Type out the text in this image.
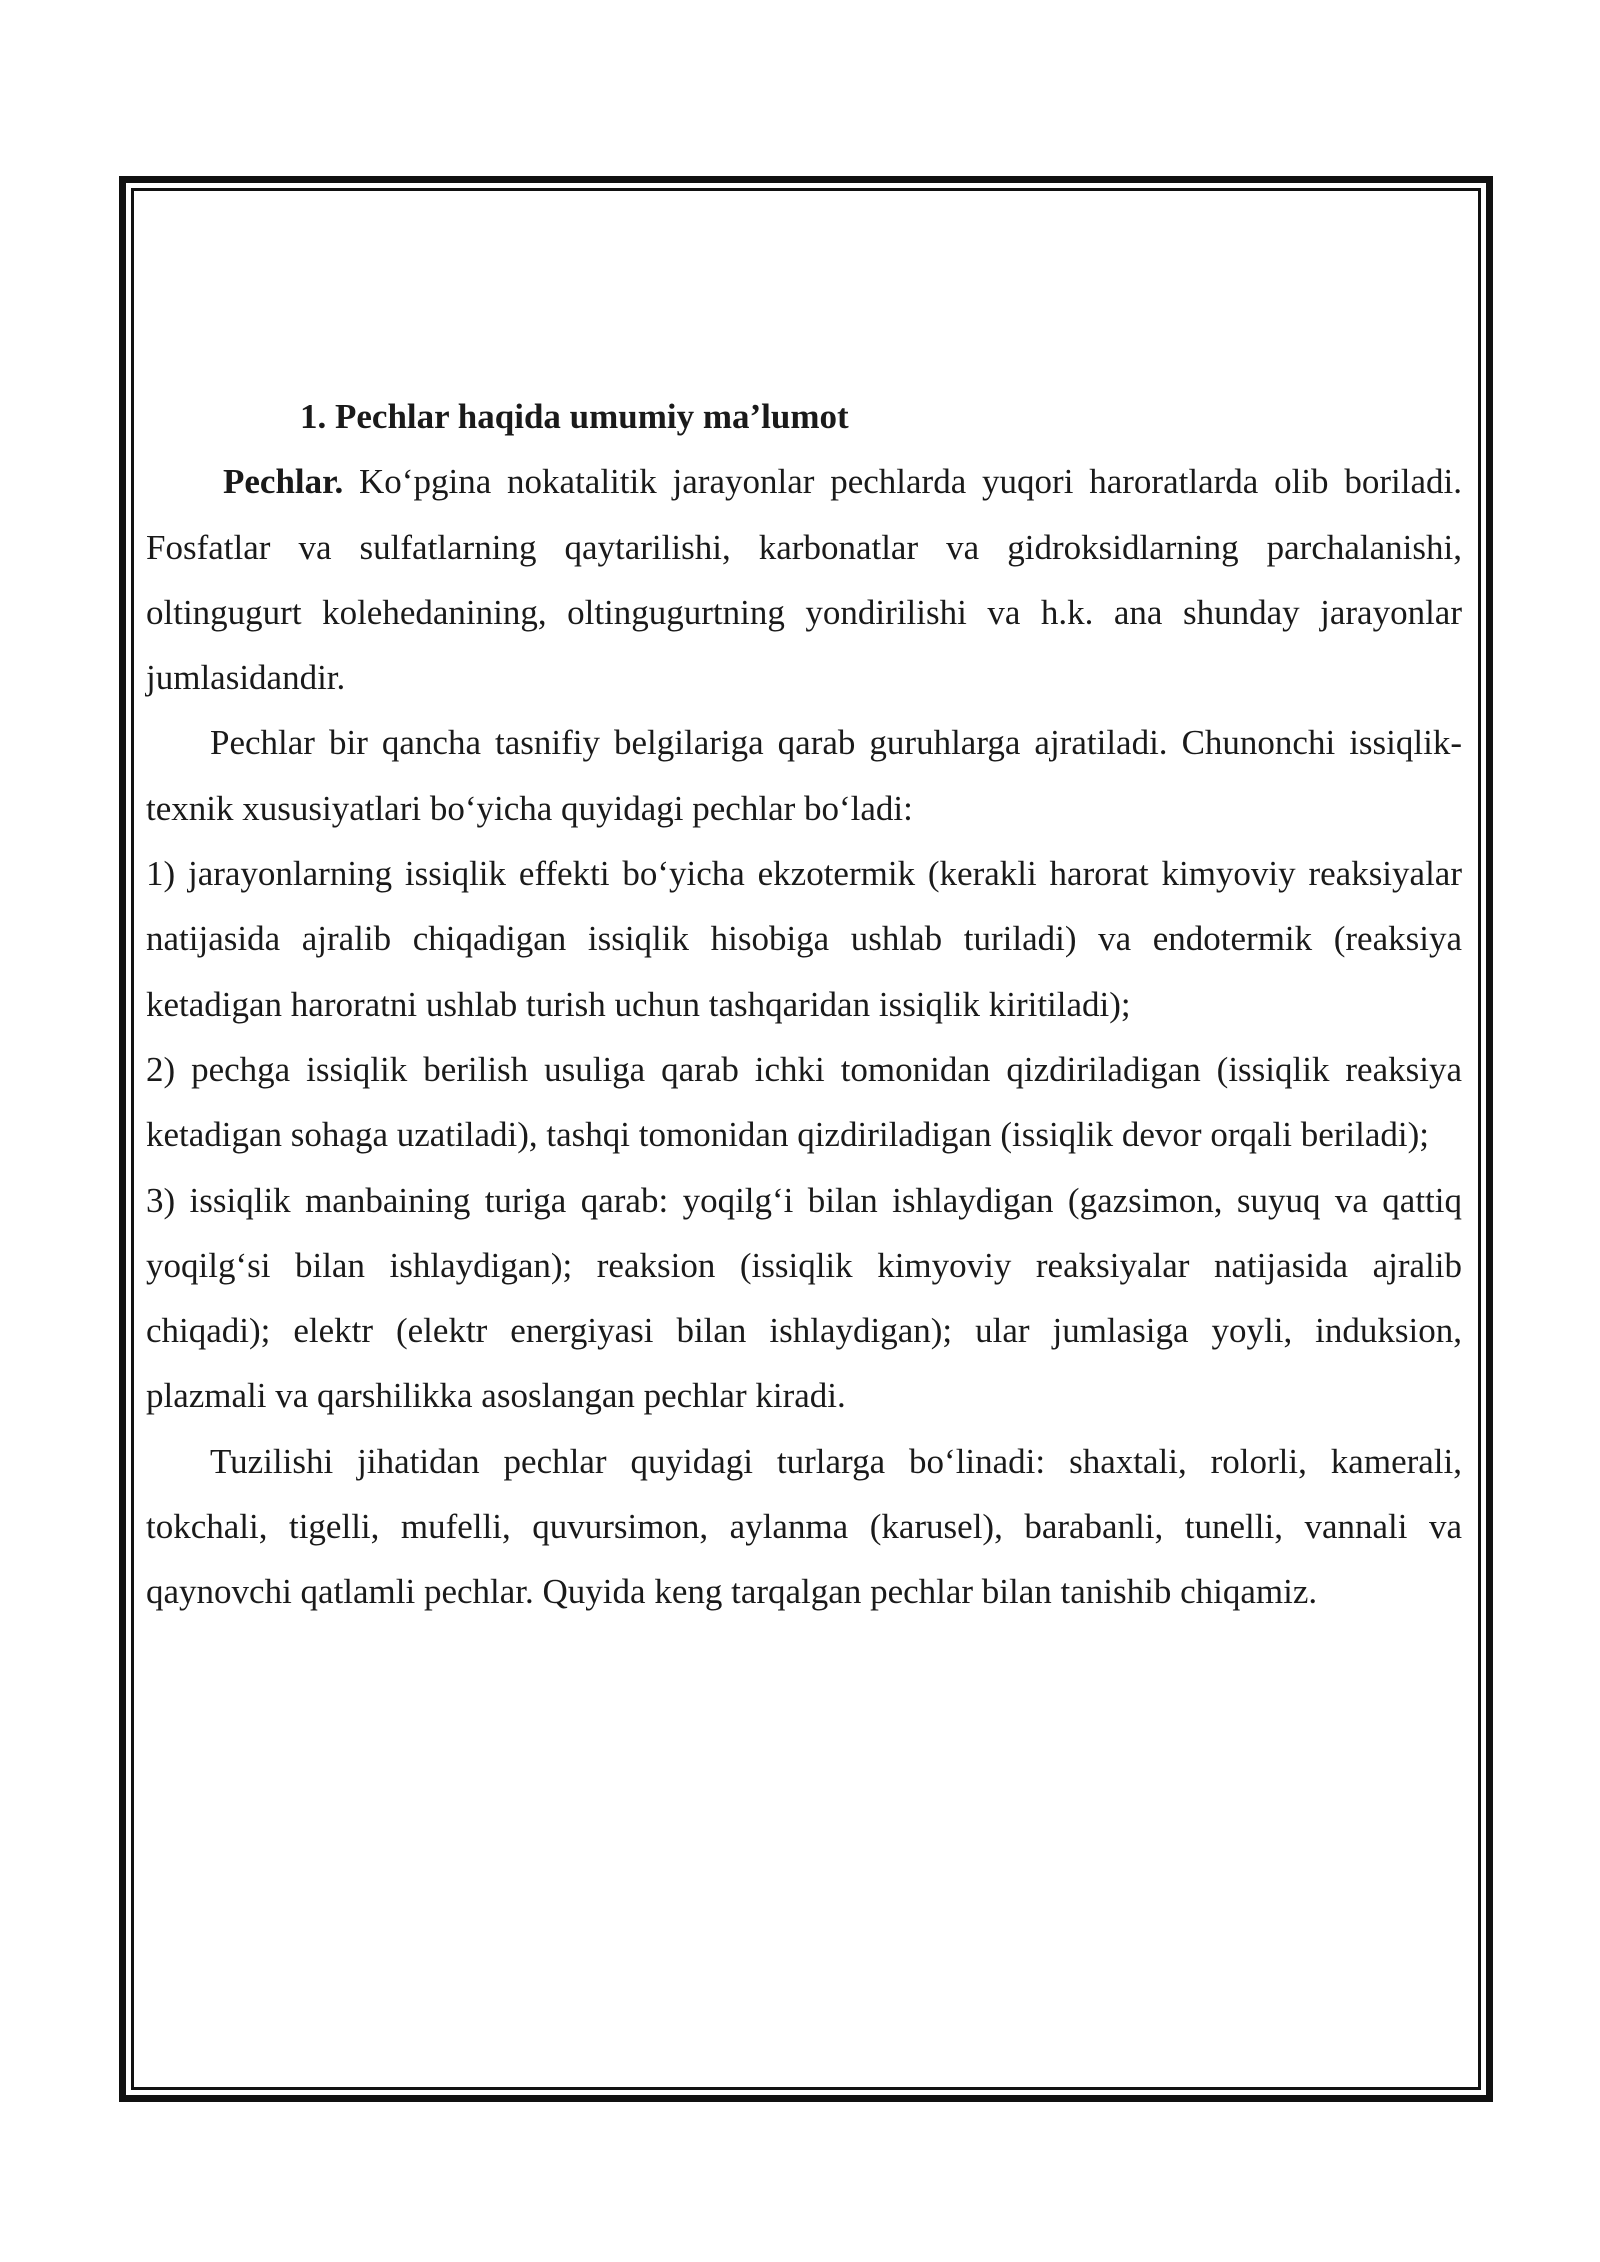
1. Pechlar haqida umumiy ma’lumot

Pechlar. Ko‘pgina nokatalitik jarayonlar pechlarda yuqori haroratlarda olib boriladi. Fosfatlar va sulfatlarning qaytarilishi, karbonatlar va gidroksidlarning parchalanishi, oltingugurt kolehedanining, oltingugurtning yondirilishi va h.k. ana shunday jarayonlar jumlasidandir.

Pechlar bir qancha tasnifiy belgilariga qarab guruhlarga ajratiladi. Chunonchi issiqlik-texnik xususiyatlari bo‘yicha quyidagi pechlar bo‘ladi:

1) jarayonlarning issiqlik effekti bo‘yicha ekzotermik (kerakli harorat kimyoviy reaksiyalar natijasida ajralib chiqadigan issiqlik hisobiga ushlab turiladi) va endotermik (reaksiya ketadigan haroratni ushlab turish uchun tashqaridan issiqlik kiritiladi);

2) pechga issiqlik berilish usuliga qarab ichki tomonidan qizdiriladigan (issiqlik reaksiya ketadigan sohaga uzatiladi), tashqi tomonidan qizdiriladigan (issiqlik devor orqali beriladi);

3) issiqlik manbaining turiga qarab: yoqilg‘i bilan ishlaydigan (gazsimon, suyuq va qattiq yoqilg‘si bilan ishlaydigan); reaksion (issiqlik kimyoviy reaksiyalar natijasida ajralib chiqadi); elektr (elektr energiyasi bilan ishlaydigan); ular jumlasiga yoyli, induksion, plazmali va qarshilikka asoslangan pechlar kiradi.

Tuzilishi jihatidan pechlar quyidagi turlarga bo‘linadi: shaxtali, rolorli, kamerali, tokchali, tigelli, mufelli, quvursimon, aylanma (karusel), barabanli, tunelli, vannali va qaynovchi qatlamli pechlar. Quyida keng tarqalgan pechlar bilan tanishib chiqamiz.
